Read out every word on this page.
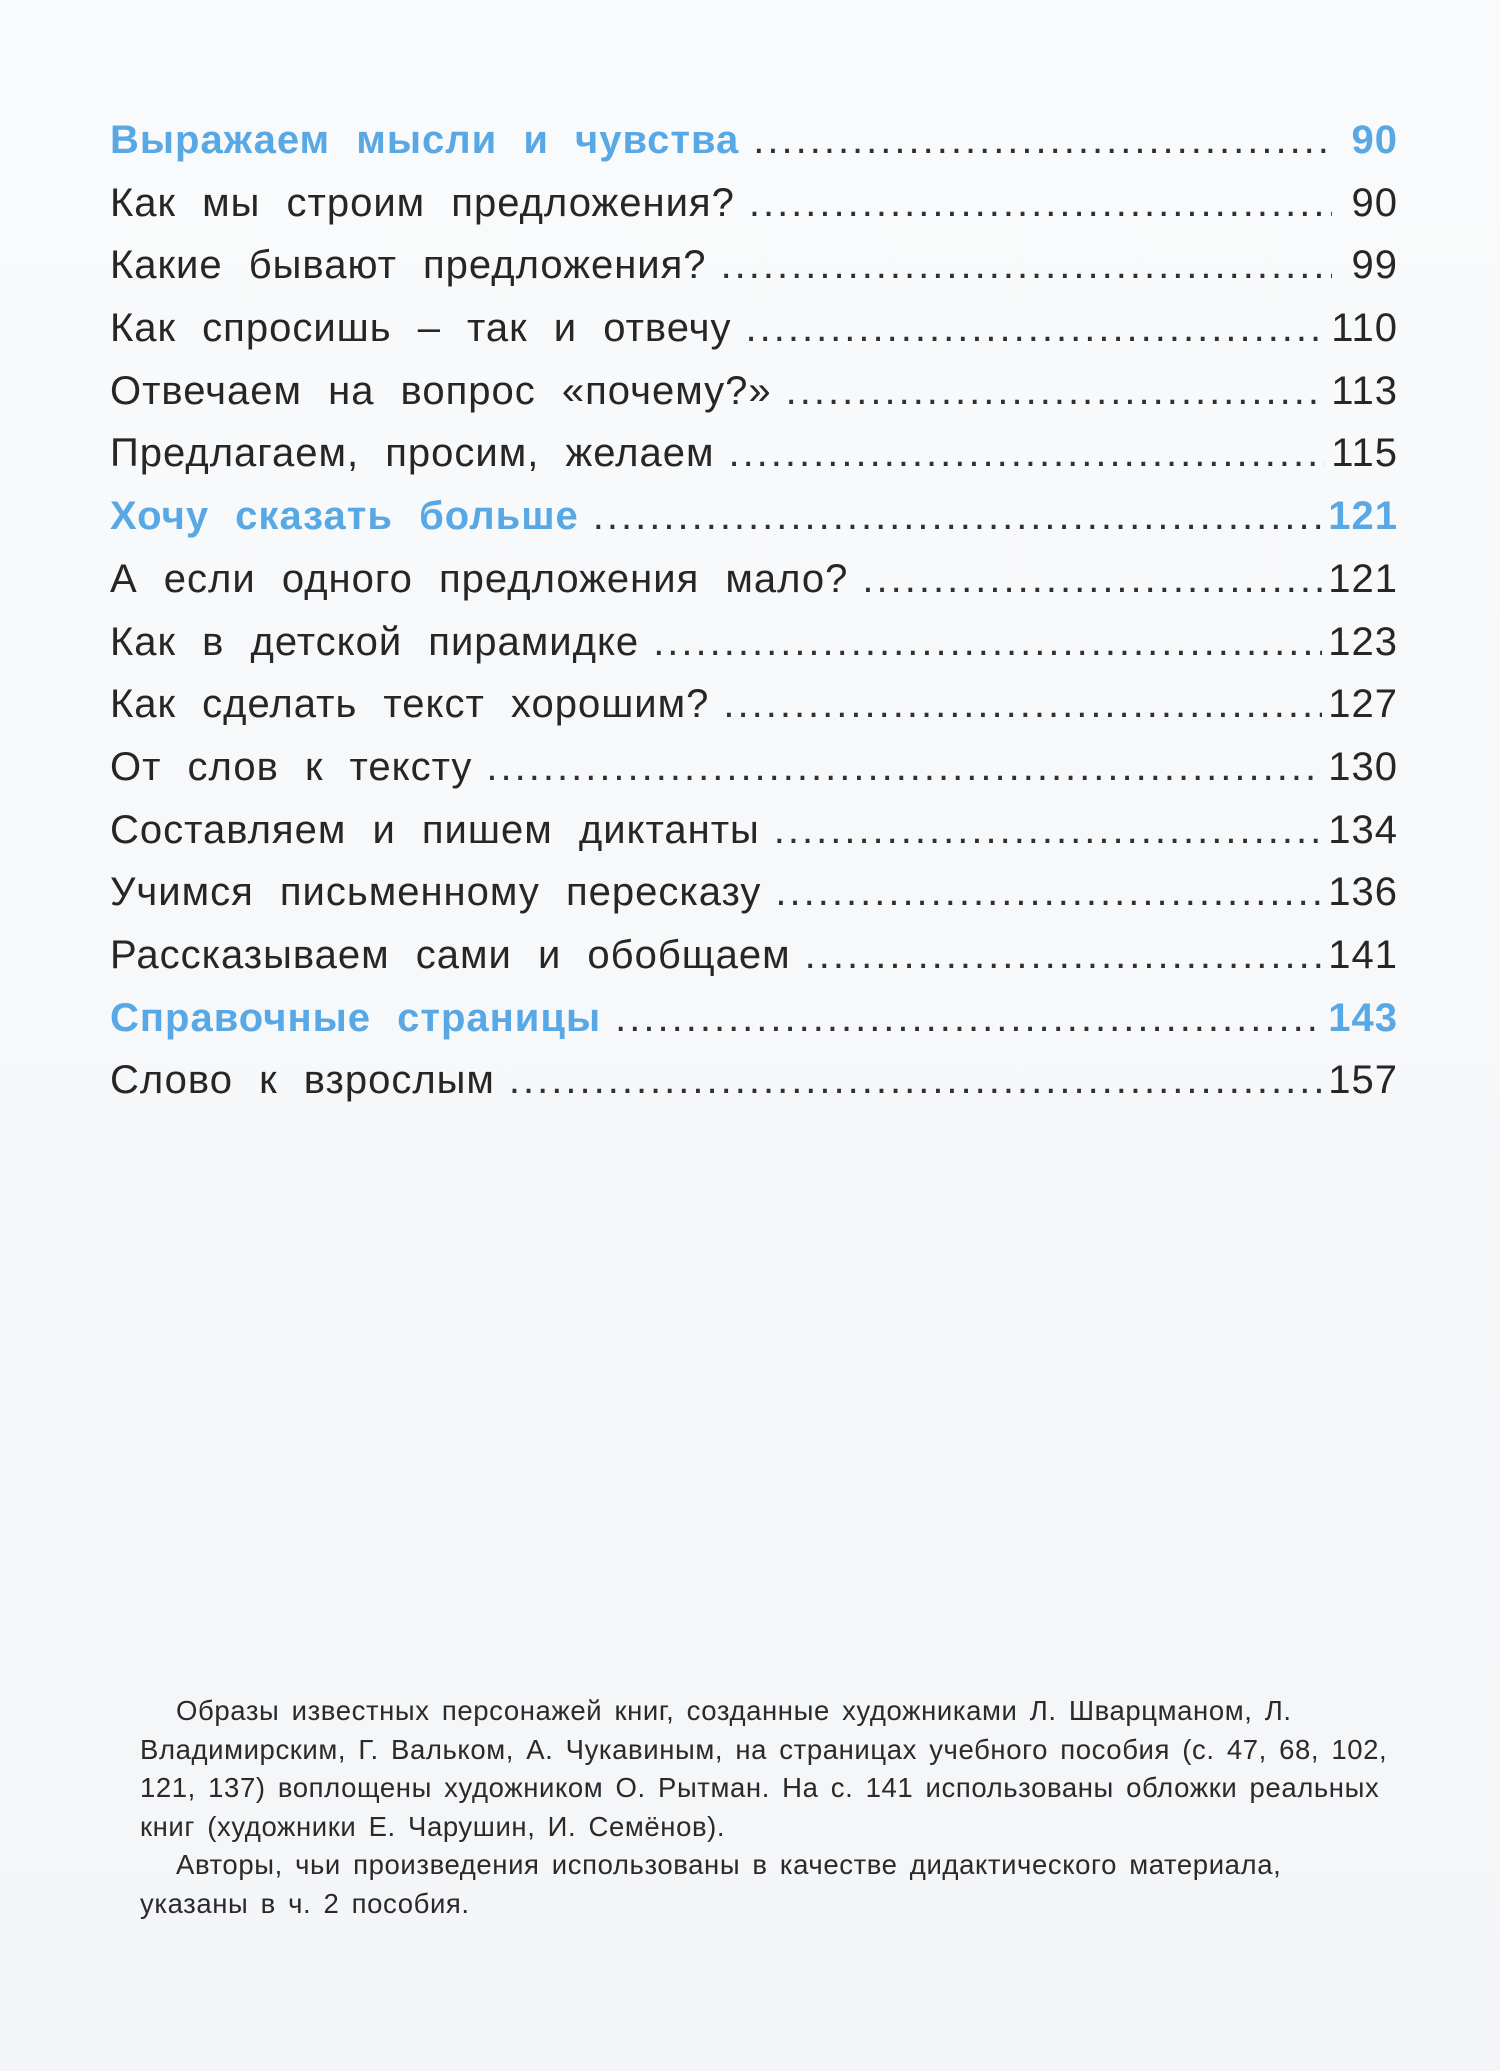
Выражаем мысли и чувства .....	90
Как мы строим предложения? .....	90
Какие бывают предложения? .....	99
Как спросишь – так и отвечу .....	110
Отвечаем на вопрос «почему?» .....	113
Предлагаем, просим, желаем .....	115
Хочу сказать больше .....	121
А если одного предложения мало? .....	121
Как в детской пирамидке .....	123
Как сделать текст хорошим? .....	127
От слов к тексту .....	130
Составляем и пишем диктанты .....	134
Учимся письменному пересказу .....	136
Рассказываем сами и обобщаем .....	141
Справочные страницы .....	143
Слово к взрослым .....	157

Образы известных персонажей книг, созданные художниками Л. Шварцманом, Л. Владимирским, Г. Вальком, А. Чукавиным, на страницах учебного пособия (с. 47, 68, 102, 121, 137) воплощены художником О. Рытман. На с. 141 использованы обложки реальных книг (художники Е. Чарушин, И. Семёнов).

Авторы, чьи произведения использованы в качестве дидактического материала, указаны в ч. 2 пособия.
